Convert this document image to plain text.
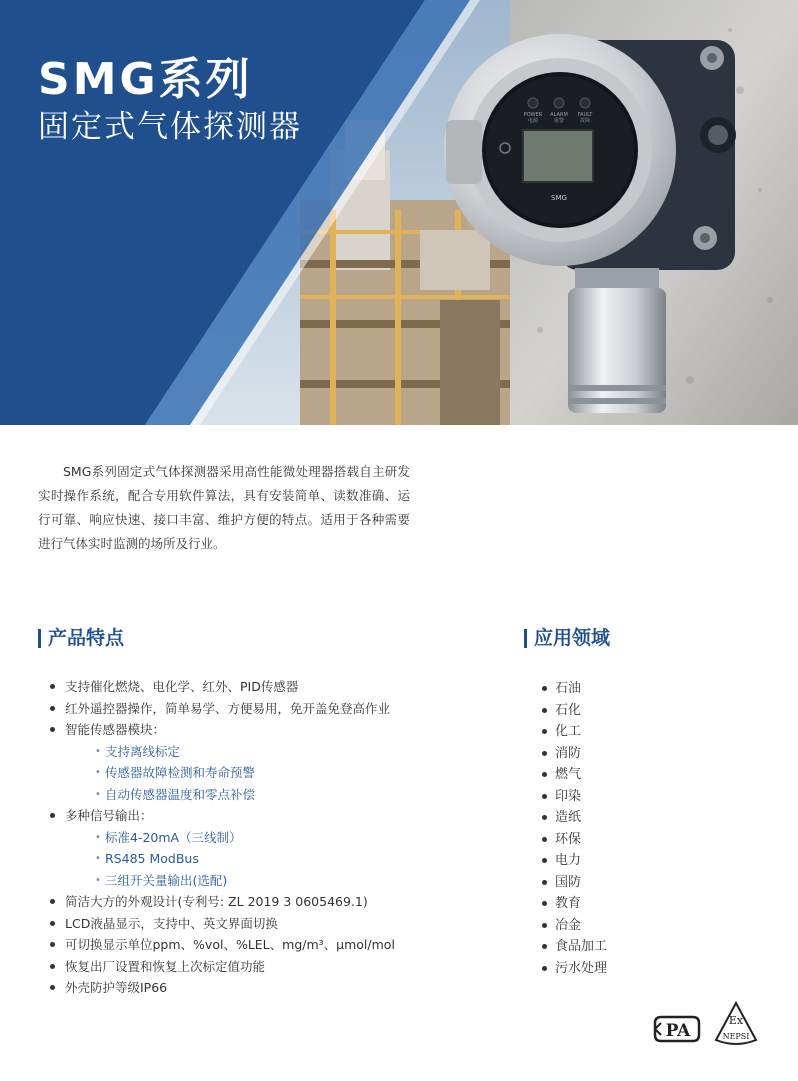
POWER ALARM FAULT
电源	报警	故障
SMG
SMG系列
固定式气体探测器

SMG系列固定式气体探测器采用高性能微处理器搭载自主研发实时操作系统，配合专用软件算法，具有安装简单、读数准确、运行可靠、响应快速、接口丰富、维护方便的特点。适用于各种需要进行气体实时监测的场所及行业。

产品特点	应用领域
支持催化燃烧、电化学、红外、PID传感器
红外遥控器操作，简单易学、方便易用，免开盖免登高作业
智能传感器模块：
• 支持离线标定
• 传感器故障检测和寿命预警
• 自动传感器温度和零点补偿
多种信号输出：
• 标准4-20mA（三线制）
• RS485 ModBus
• 三组开关量输出(选配)
简洁大方的外观设计(专利号: ZL 2019 3 0605469.1)
LCD液晶显示，支持中、英文界面切换
可切换显示单位ppm、%vol、%LEL、mg/m³、μmol/mol
恢复出厂设置和恢复上次标定值功能
外壳防护等级IP66
石油
石化
化工
消防
燃气
印染
造纸
环保
电力
国防
教育
冶金
食品加工
污水处理
PA
Ex
NEPSI
